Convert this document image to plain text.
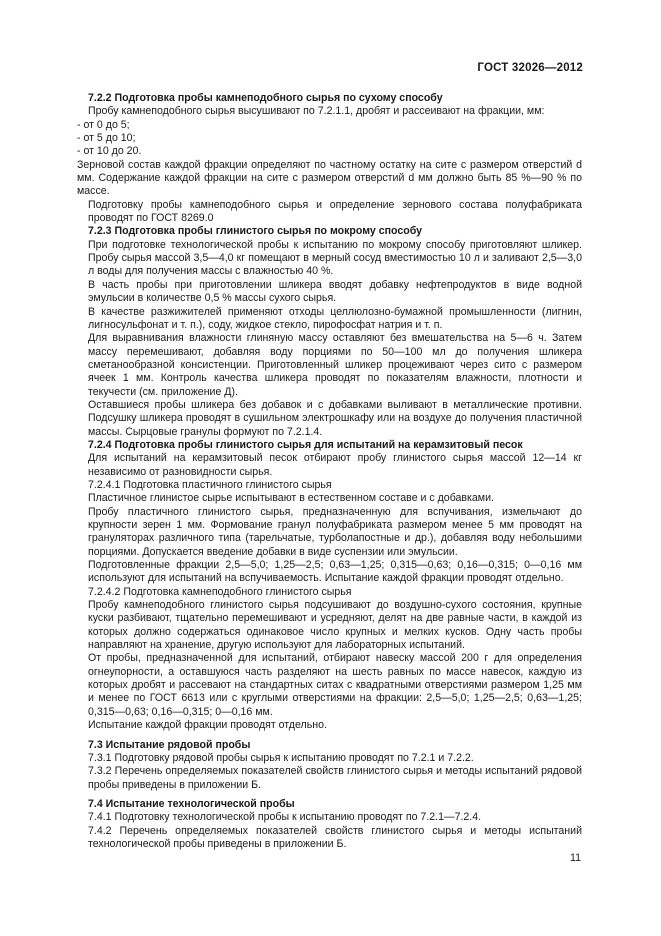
ГОСТ 32026—2012

7.2.2 Подготовка пробы камнеподобного сырья по сухому способу

Пробу камнеподобного сырья высушивают по 7.2.1.1, дробят и рассеивают на фракции, мм:

- от 0 до 5;

- от 5 до 10;

- от 10 до 20.

Зерновой состав каждой фракции определяют по частному остатку на сите с размером отверстий d мм. Содержание каждой фракции на сите с размером отверстий d мм должно быть 85 %—90 % по массе.

Подготовку пробы камнеподобного сырья и определение зернового состава полуфабриката проводят по ГОСТ 8269.0

7.2.3 Подготовка пробы глинистого сырья по мокрому способу

При подготовке технологической пробы к испытанию по мокрому способу приготовляют шликер. Пробу сырья массой 3,5—4,0 кг помещают в мерный сосуд вместимостью 10 л и заливают 2,5—3,0 л воды для получения массы с влажностью 40 %.

В часть пробы при приготовлении шликера вводят добавку нефтепродуктов в виде водной эмульсии в количестве 0,5 % массы сухого сырья.

В качестве разжижителей применяют отходы целлюлозно-бумажной промышленности (лигнин, лигносульфонат и т. п.), соду, жидкое стекло, пирофосфат натрия и т. п.

Для выравнивания влажности глиняную массу оставляют без вмешательства на 5—6 ч. Затем массу перемешивают, добавляя воду порциями по 50—100 мл до получения шликера сметанообразной консистенции. Приготовленный шликер процеживают через сито с размером ячеек 1 мм. Контроль качества шликера проводят по показателям влажности, плотности и текучести (см. приложение Д).

Оставшиеся пробы шликера без добавок и с добавками выливают в металлические противни. Подсушку шликера проводят в сушильном электрошкафу или на воздухе до получения пластичной массы. Сырцовые гранулы формуют по 7.2.1.4.

7.2.4 Подготовка пробы глинистого сырья для испытаний на керамзитовый песок

Для испытаний на керамзитовый песок отбирают пробу глинистого сырья массой 12—14 кг независимо от разновидности сырья.

7.2.4.1 Подготовка пластичного глинистого сырья

Пластичное глинистое сырье испытывают в естественном составе и с добавками.

Пробу пластичного глинистого сырья, предназначенную для вспучивания, измельчают до крупности зерен 1 мм. Формование гранул полуфабриката размером менее 5 мм проводят на грануляторах различного типа (тарельчатые, турболапостные и др.), добавляя воду небольшими порциями. Допускается введение добавки в виде суспензии или эмульсии.

Подготовленные фракции 2,5—5,0; 1,25—2,5; 0,63—1,25; 0,315—0,63; 0,16—0,315; 0—0,16 мм используют для испытаний на вспучиваемость. Испытание каждой фракции проводят отдельно.

7.2.4.2 Подготовка камнеподобного глинистого сырья

Пробу камнеподобного глинистого сырья подсушивают до воздушно-сухого состояния, крупные куски разбивают, тщательно перемешивают и усредняют, делят на две равные части, в каждой из которых должно содержаться одинаковое число крупных и мелких кусков. Одну часть пробы направляют на хранение, другую используют для лабораторных испытаний.

От пробы, предназначенной для испытаний, отбирают навеску массой 200 г для определения огнеупорности, а оставшуюся часть разделяют на шесть равных по массе навесок, каждую из которых дробят и рассевают на стандартных ситах с квадратными отверстиями размером 1,25 мм и менее по ГОСТ 6613 или с круглыми отверстиями на фракции: 2,5—5,0; 1,25—2,5; 0,63—1,25; 0,315—0,63; 0,16—0,315; 0—0,16 мм.

Испытание каждой фракции проводят отдельно.

7.3 Испытание рядовой пробы

7.3.1 Подготовку рядовой пробы сырья к испытанию проводят по 7.2.1 и 7.2.2.

7.3.2 Перечень определяемых показателей свойств глинистого сырья и методы испытаний рядовой пробы приведены в приложении Б.

7.4 Испытание технологической пробы

7.4.1 Подготовку технологической пробы к испытанию проводят по 7.2.1—7.2.4.

7.4.2 Перечень определяемых показателей свойств глинистого сырья и методы испытаний технологической пробы приведены в приложении Б.

11
